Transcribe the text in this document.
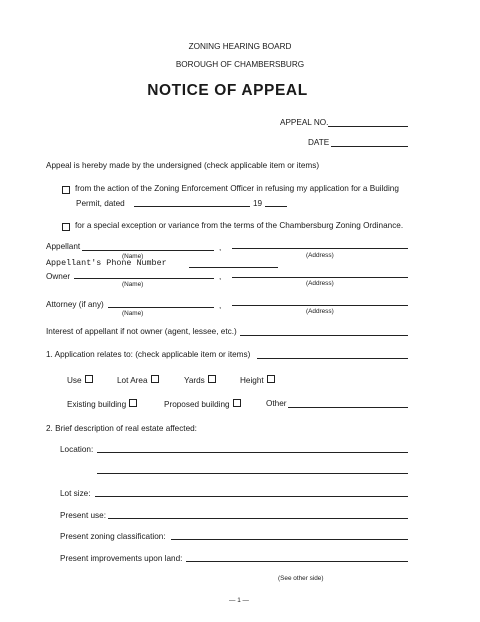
ZONING HEARING BOARD
BOROUGH OF CHAMBERSBURG
NOTICE OF APPEAL
APPEAL NO.
DATE
Appeal is hereby made by the undersigned (check applicable item or items)
from the action of the Zoning Enforcement Officer in refusing my application for a Building
Permit, dated	19
for a special exception or variance from the terms of the Chambersburg Zoning Ordinance.
Appellant	,
(Name)	(Address)
Appellant's Phone Number
Owner	,
(Name)	(Address)
Attorney (if any)	,
(Name)	(Address)
Interest of appellant if not owner (agent, lessee, etc.)
1. Application relates to: (check applicable item or items)
Use	Lot Area	Yards	Height
Existing building	Proposed building	Other
2. Brief description of real estate affected:
Location:
Lot size:
Present use:
Present zoning classification:
Present improvements upon land:
(See other side)
— 1 —
